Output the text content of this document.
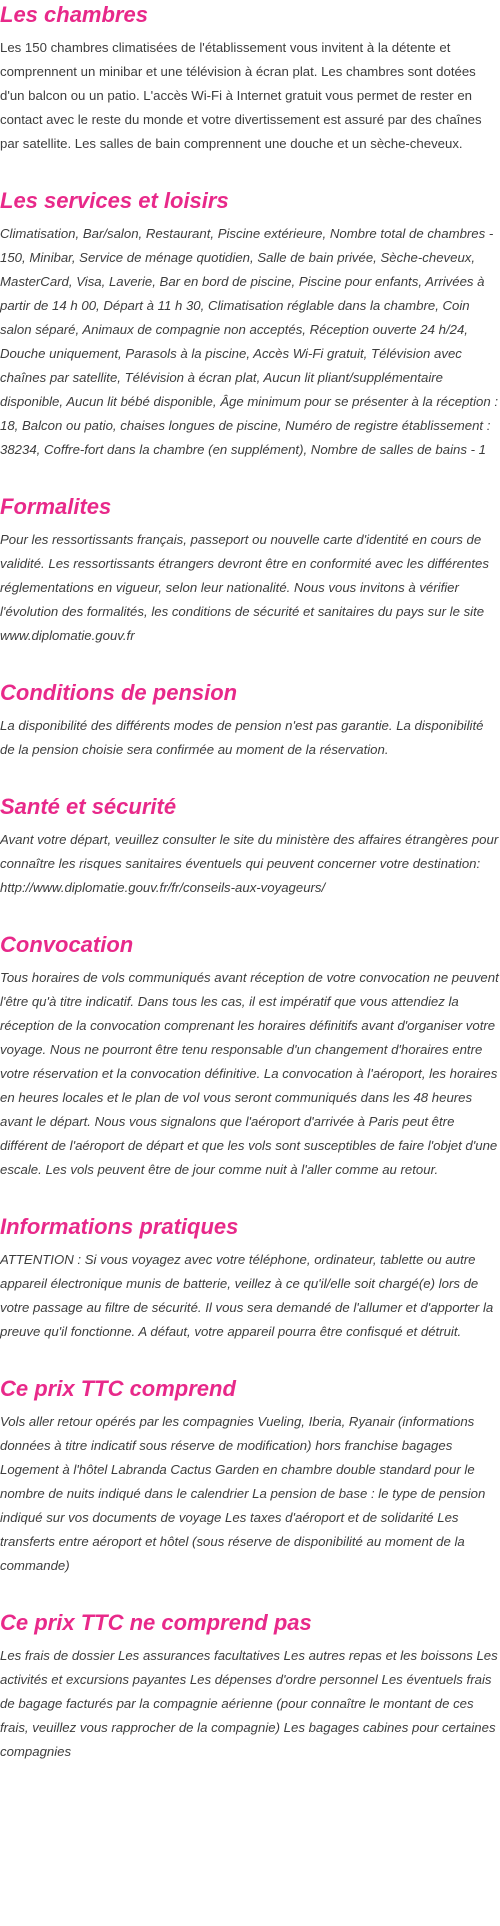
Les chambres

Les 150 chambres climatisées de l'établissement vous invitent à la détente et comprennent un minibar et une télévision à écran plat. Les chambres sont dotées d'un balcon ou un patio. L'accès Wi-Fi à Internet gratuit vous permet de rester en contact avec le reste du monde et votre divertissement est assuré par des chaînes par satellite. Les salles de bain comprennent une douche et un sèche-cheveux.

Les services et loisirs

Climatisation, Bar/salon, Restaurant, Piscine extérieure, Nombre total de chambres - 150, Minibar, Service de ménage quotidien, Salle de bain privée, Sèche-cheveux, MasterCard, Visa, Laverie, Bar en bord de piscine, Piscine pour enfants, Arrivées à partir de 14 h 00, Départ à 11 h 30, Climatisation réglable dans la chambre, Coin salon séparé, Animaux de compagnie non acceptés, Réception ouverte 24 h/24, Douche uniquement, Parasols à la piscine, Accès Wi-Fi gratuit, Télévision avec chaînes par satellite, Télévision à écran plat, Aucun lit pliant/supplémentaire disponible, Aucun lit bébé disponible, Âge minimum pour se présenter à la réception : 18, Balcon ou patio, chaises longues de piscine, Numéro de registre établissement : 38234, Coffre-fort dans la chambre (en supplément), Nombre de salles de bains - 1

Formalites

Pour les ressortissants français, passeport ou nouvelle carte d'identité en cours de validité. Les ressortissants étrangers devront être en conformité avec les différentes réglementations en vigueur, selon leur nationalité. Nous vous invitons à vérifier l'évolution des formalités, les conditions de sécurité et sanitaires du pays sur le site www.diplomatie.gouv.fr

Conditions de pension

La disponibilité des différents modes de pension n'est pas garantie. La disponibilité de la pension choisie sera confirmée au moment de la réservation.

Santé et sécurité

Avant votre départ, veuillez consulter le site du ministère des affaires étrangères pour connaître les risques sanitaires éventuels qui peuvent concerner votre destination: http://www.diplomatie.gouv.fr/fr/conseils-aux-voyageurs/

Convocation

Tous horaires de vols communiqués avant réception de votre convocation ne peuvent l'être qu'à titre indicatif. Dans tous les cas, il est impératif que vous attendiez la réception de la convocation comprenant les horaires définitifs avant d'organiser votre voyage. Nous ne pourront être tenu responsable d'un changement d'horaires entre votre réservation et la convocation définitive. La convocation à l'aéroport, les horaires en heures locales et le plan de vol vous seront communiqués dans les 48 heures avant le départ. Nous vous signalons que l'aéroport d'arrivée à Paris peut être différent de l'aéroport de départ et que les vols sont susceptibles de faire l'objet d'une escale. Les vols peuvent être de jour comme nuit à l'aller comme au retour.

Informations pratiques

ATTENTION : Si vous voyagez avec votre téléphone, ordinateur, tablette ou autre appareil électronique munis de batterie, veillez à ce qu'il/elle soit chargé(e) lors de votre passage au filtre de sécurité. Il vous sera demandé de l'allumer et d'apporter la preuve qu'il fonctionne. A défaut, votre appareil pourra être confisqué et détruit.

Ce prix TTC comprend

Vols aller retour opérés par les compagnies Vueling, Iberia, Ryanair (informations données à titre indicatif sous réserve de modification) hors franchise bagages Logement à l'hôtel Labranda Cactus Garden en chambre double standard pour le nombre de nuits indiqué dans le calendrier La pension de base : le type de pension indiqué sur vos documents de voyage Les taxes d'aéroport et de solidarité Les transferts entre aéroport et hôtel (sous réserve de disponibilité au moment de la commande)

Ce prix TTC ne comprend pas

Les frais de dossier Les assurances facultatives Les autres repas et les boissons Les activités et excursions payantes Les dépenses d'ordre personnel Les éventuels frais de bagage facturés par la compagnie aérienne (pour connaître le montant de ces frais, veuillez vous rapprocher de la compagnie) Les bagages cabines pour certaines compagnies
